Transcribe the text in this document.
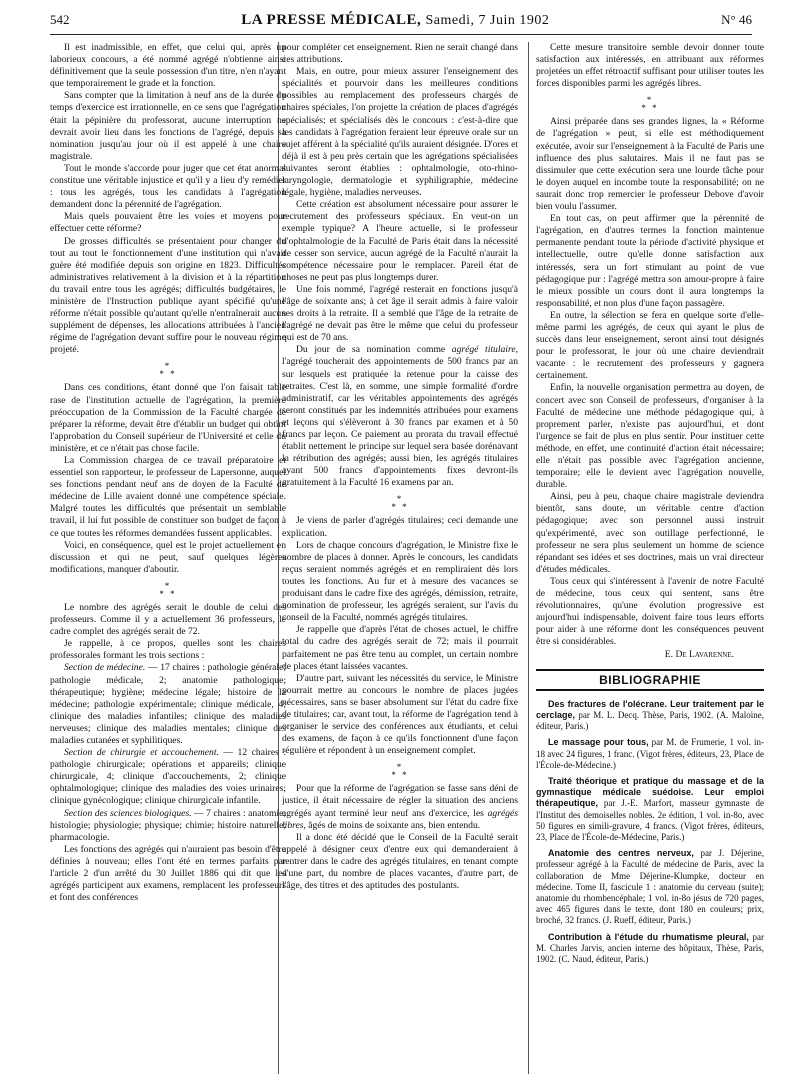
542	LA PRESSE MÉDICALE, Samedi, 7 Juin 1902	N° 46

Il est inadmissible, en effet, que celui qui, après un laborieux concours, a été nommé agrégé n'obtienne ainsi définitivement que la seule possession d'un titre, n'en n'ayant que temporairement le grade et la fonction.

Sans compter que la limitation à neuf ans de la durée du temps d'exercice est irrationnelle, en ce sens que l'agrégation était la pépinière du professorat, aucune interruption ne devrait avoir lieu dans les fonctions de l'agrégé, depuis sa nomination jusqu'au jour où il est appelé à une chaire magistrale.

Tout le monde s'accorde pour juger que cet état anormal constitue une véritable injustice et qu'il y a lieu d'y remédier : tous les agrégés, tous les candidats à l'agrégation demandent donc la pérennité de l'agrégation.

Mais quels pouvaient être les voies et moyens pour effectuer cette réforme?

De grosses difficultés se présentaient pour changer du tout au tout le fonctionnement d'une institution qui n'avait guère été modifiée depuis son origine en 1823. Difficultés administratives relativement à la division et à la répartition du travail entre tous les agrégés; difficultés budgétaires, le ministère de l'Instruction publique ayant spécifié qu'une réforme n'était possible qu'autant qu'elle n'entraînerait aucun supplément de dépenses, les allocations attribuées à l'ancien régime de l'agrégation devant suffire pour le nouveau régime projeté.

*
* *

Dans ces conditions, étant donné que l'on faisait table rase de l'institution actuelle de l'agrégation, la première préoccupation de la Commission de la Faculté chargée de préparer la réforme, devait être d'établir un budget qui obtînt l'approbation du Conseil supérieur de l'Université et celle du ministère, et ce n'était pas chose facile.

La Commission chargea de ce travail préparatoire et essentiel son rapporteur, le professeur de Lapersonne, auquel ses fonctions pendant neuf ans de doyen de la Faculté de médecine de Lille avaient donné une compétence spéciale. Malgré toutes les difficultés que présentait un semblable travail, il lui fut possible de constituer son budget de façon à ce que toutes les réformes demandées fussent applicables.

Voici, en conséquence, quel est le projet actuellement en discussion et qui ne peut, sauf quelques légères modifications, manquer d'aboutir.

*
* *

Le nombre des agrégés serait le double de celui des professeurs. Comme il y a actuellement 36 professeurs, le cadre complet des agrégés serait de 72.

Je rappelle, à ce propos, quelles sont les chaires professorales formant les trois sections :

Section de médecine. — 17 chaires : pathologie générale; pathologie médicale, 2; anatomie pathologique; thérapeutique; hygiène; médecine légale; histoire de la médecine; pathologie expérimentale; clinique médicale, 4; clinique des maladies infantiles; clinique des maladies nerveuses; clinique des maladies mentales; clinique des maladies cutanées et syphilitiques.

Section de chirurgie et accouchement. — 12 chaires : pathologie chirurgicale; opérations et appareils; clinique chirurgicale, 4; clinique d'accouchements, 2; clinique ophtalmologique; clinique des maladies des voies urinaires; clinique gynécologique; clinique chirurgicale infantile.

Section des sciences biologiques. — 7 chaires : anatomie; histologie; physiologie; physique; chimie; histoire naturelle; pharmacologie.

Les fonctions des agrégés qui n'auraient pas besoin d'être définies à nouveau; elles l'ont été en termes parfaits par l'article 2 d'un arrêté du 30 Juillet 1886 qui dit que les agrégés participent aux examens, remplacent les professeurs et font des conférences

pour compléter cet enseignement. Rien ne serait changé dans ces attributions.

Mais, en outre, pour mieux assurer l'enseignement des spécialités et pourvoir dans les meilleures conditions possibles au remplacement des professeurs chargés de chaires spéciales, l'on projette la création de places d'agrégés spécialisés; et spécialisés dès le concours : c'est-à-dire que les candidats à l'agrégation feraient leur épreuve orale sur un sujet afférent à la spécialité qu'ils auraient désignée. D'ores et déjà il est à peu près certain que les agrégations spécialisées suivantes seront établies : ophtalmologie, oto-rhino-laryngologie, dermatologie et syphiligraphie, médecine légale, hygiène, maladies nerveuses.

Cette création est absolument nécessaire pour assurer le recrutement des professeurs spéciaux. En veut-on un exemple typique? A l'heure actuelle, si le professeur d'ophtalmologie de la Faculté de Paris était dans la nécessité de cesser son service, aucun agrégé de la Faculté n'aurait la compétence nécessaire pour le remplacer. Pareil état de choses ne peut pas plus longtemps durer.

Une fois nommé, l'agrégé resterait en fonctions jusqu'à l'âge de soixante ans; à cet âge il serait admis à faire valoir ses droits à la retraite. Il a semblé que l'âge de la retraite de l'agrégé ne devait pas être le même que celui du professeur qui est de 70 ans.

Du jour de sa nomination comme agrégé titulaire, l'agrégé toucherait des appointements de 500 francs par an sur lesquels est pratiquée la retenue pour la caisse des retraites. C'est là, en somme, une simple formalité d'ordre administratif, car les véritables appointements des agrégés seront constitués par les indemnités attribuées pour examens et leçons qui s'élèveront à 30 francs par examen et à 50 francs par leçon. Ce paiement au prorata du travail effectué établit nettement le principe sur lequel sera basée dorénavant la rétribution des agrégés; aussi bien, les agrégés titulaires ayant 500 francs d'appointements fixes devront-ils gratuitement à la Faculté 16 examens par an.

*
* *

Je viens de parler d'agrégés titulaires; ceci demande une explication.

Lors de chaque concours d'agrégation, le Ministre fixe le nombre de places à donner. Après le concours, les candidats reçus seraient nommés agrégés et en rempliraient dès lors toutes les fonctions. Au fur et à mesure des vacances se produisant dans le cadre fixe des agrégés, démission, retraite, nomination de professeur, les agrégés seraient, sur l'avis du conseil de la Faculté, nommés agrégés titulaires.

Je rappelle que d'après l'état de choses actuel, le chiffre total du cadre des agrégés serait de 72; mais il pourrait parfaitement ne pas être tenu au complet, un certain nombre de places étant laissées vacantes.

D'autre part, suivant les nécessités du service, le Ministre pourrait mettre au concours le nombre de places jugées nécessaires, sans se baser absolument sur l'état du cadre fixe de titulaires; car, avant tout, la réforme de l'agrégation tend à organiser le service des conférences aux étudiants, et celui des examens, de façon à ce qu'ils fonctionnent d'une façon régulière et répondent à un enseignement complet.

*
* *

Pour que la réforme de l'agrégation se fasse sans déni de justice, il était nécessaire de régler la situation des anciens agrégés ayant terminé leur neuf ans d'exercice, les agrégés libres, âgés de moins de soixante ans, bien entendu.

Il a donc été décidé que le Conseil de la Faculté serait appelé à désigner ceux d'entre eux qui demanderaient à rentrer dans le cadre des agrégés titulaires, en tenant compte d'une part, du nombre de places vacantes, d'autre part, de l'âge, des titres et des aptitudes des postulants.

Cette mesure transitoire semble devoir donner toute satisfaction aux intéressés, en attribuant aux réformes projetées un effet rétroactif suffisant pour utiliser toutes les forces disponibles parmi les agrégés libres.

*
* *

Ainsi préparée dans ses grandes lignes, la « Réforme de l'agrégation » peut, si elle est méthodiquement exécutée, avoir sur l'enseignement à la Faculté de Paris une influence des plus salutaires. Mais il ne faut pas se dissimuler que cette exécution sera une lourde tâche pour le doyen auquel en incombe toute la responsabilité; on ne saurait donc trop remercier le professeur Debove d'avoir bien voulu l'assumer.

En tout cas, on peut affirmer que la pérennité de l'agrégation, en d'autres termes la fonction maintenue permanente pendant toute la période d'activité physique et intellectuelle, outre qu'elle donne satisfaction aux intéressés, sera un fort stimulant au point de vue pédagogique pur : l'agrégé mettra son amour-propre à faire le mieux possible un cours dont il aura longtemps la responsabilité, et non plus d'une façon passagère.

En outre, la sélection se fera en quelque sorte d'elle-même parmi les agrégés, de ceux qui ayant le plus de succès dans leur enseignement, seront ainsi tout désignés pour le professorat, le jour où une chaire deviendrait vacante : le recrutement des professeurs y gagnera certainement.

Enfin, la nouvelle organisation permettra au doyen, de concert avec son Conseil de professeurs, d'organiser à la Faculté de médecine une méthode pédagogique qui, à proprement parler, n'existe pas aujourd'hui, et dont l'urgence se fait de plus en plus sentir. Pour instituer cette méthode, en effet, une continuité d'action était nécessaire; elle n'était pas possible avec l'agrégation ancienne, temporaire; elle le devient avec l'agrégation nouvelle, durable.

Ainsi, peu à peu, chaque chaire magistrale deviendra bientôt, sans doute, un véritable centre d'action pédagogique; avec son personnel aussi instruit qu'expérimenté, avec son outillage perfectionné, le professeur ne sera plus seulement un homme de science répandant ses idées et ses doctrines, mais un vrai directeur d'études médicales.

Tous ceux qui s'intéressent à l'avenir de notre Faculté de médecine, tous ceux qui sentent, sans être révolutionnaires, qu'une évolution progressive est aujourd'hui indispensable, doivent faire tous leurs efforts pour aider à une réforme dont les conséquences peuvent être si considérables.

E. De Lavarenne.

BIBLIOGRAPHIE

Des fractures de l'olécrane. Leur traitement par le cerclage, par M. L. Decq. Thèse, Paris, 1902. (A. Maloine, éditeur, Paris.)

Le massage pour tous, par M. de Frumerie, 1 vol. in-18 avec 24 figures, 1 franc. (Vigot frères, éditeurs, 23, Place de l'École-de-Médecine.)

Traité théorique et pratique du massage et de la gymnastique médicale suédoise. Leur emploi thérapeutique, par J.-E. Marfort, masseur gymnaste de l'Institut des demoiselles nobles. 2e édition, 1 vol. in-8o, avec 50 figures en simili-gravure, 4 francs. (Vigot frères, éditeurs, 23, Place de l'École-de-Médecine, Paris.)

Anatomie des centres nerveux, par J. Déjerine, professeur agrégé à la Faculté de médecine de Paris, avec la collaboration de Mme Déjerine-Klumpke, docteur en médecine. Tome II, fascicule 1 : anatomie du cerveau (suite); anatomie du rhombencéphale; 1 vol. in-8o jésus de 720 pages, avec 465 figures dans le texte, dont 180 en couleurs; prix, broché, 32 francs. (J. Rueff, éditeur, Paris.)

Contribution à l'étude du rhumatisme pleural, par M. Charles Jarvis, ancien interne des hôpitaux, Thèse, Paris, 1902. (C. Naud, éditeur, Paris.)
